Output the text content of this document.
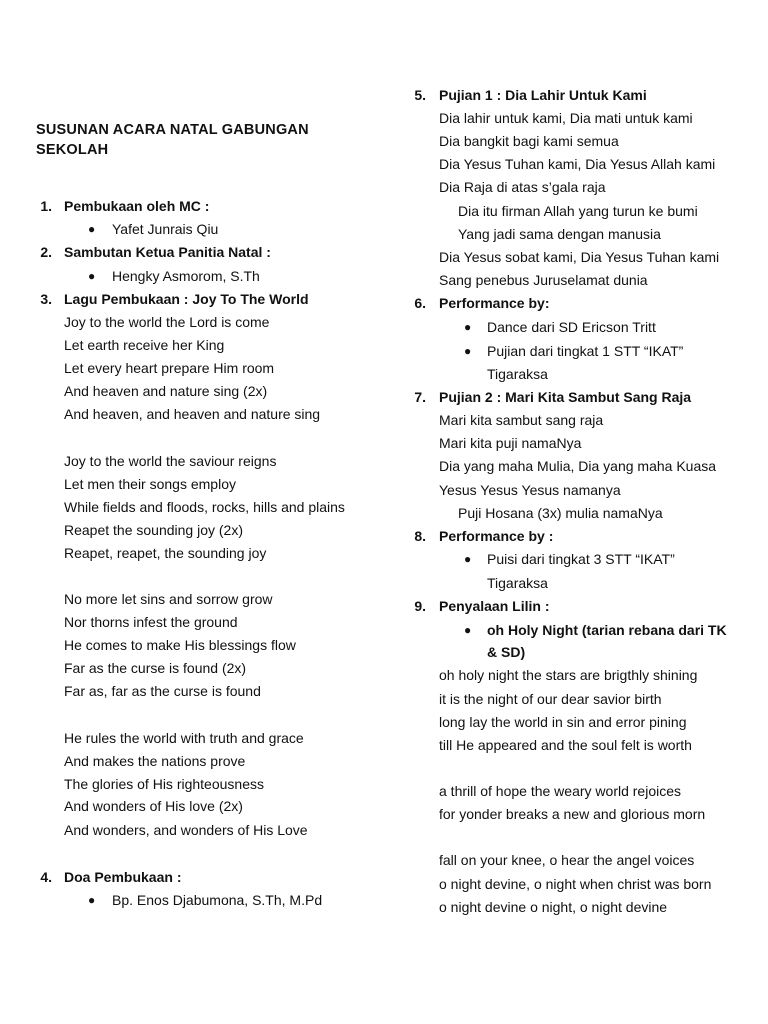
SUSUNAN ACARA NATAL GABUNGAN SEKOLAH
1. Pembukaan oleh MC :
● Yafet Junrais Qiu
2. Sambutan Ketua Panitia Natal :
● Hengky Asmorom, S.Th
3. Lagu Pembukaan : Joy To The World
Joy to the world the Lord is come
Let earth receive her King
Let every heart prepare Him room
And heaven and nature sing (2x)
And heaven, and heaven and nature sing
Joy to the world the saviour reigns
Let men their songs employ
While fields and floods, rocks, hills and plains
Reapet the sounding joy (2x)
Reapet, reapet, the sounding joy
No more let sins and sorrow grow
Nor thorns infest the ground
He comes to make His blessings flow
Far as the curse is found (2x)
Far as, far as the curse is found
He rules the world with truth and grace
And makes the nations prove
The glories of His righteousness
And wonders of His love (2x)
And wonders, and wonders of His Love
4. Doa Pembukaan :
● Bp. Enos Djabumona, S.Th, M.Pd
5. Pujian 1 : Dia Lahir Untuk Kami
Dia lahir untuk kami, Dia mati untuk kami
Dia bangkit bagi kami semua
Dia Yesus Tuhan kami, Dia Yesus Allah kami
Dia Raja di atas s’gala raja
Dia itu firman Allah yang turun ke bumi
Yang jadi sama dengan manusia
Dia Yesus sobat kami, Dia Yesus Tuhan kami
Sang penebus Juruselamat dunia
6. Performance by:
● Dance dari SD Ericson Tritt
● Pujian dari tingkat 1 STT “IKAT”
Tigaraksa
7. Pujian 2 : Mari Kita Sambut Sang Raja
Mari kita sambut sang raja
Mari kita puji namaNya
Dia yang maha Mulia, Dia yang maha Kuasa
Yesus Yesus Yesus namanya
Puji Hosana (3x) mulia namaNya
8. Performance by :
● Puisi dari tingkat 3 STT “IKAT”
Tigaraksa
9. Penyalaan Lilin :
● oh Holy Night (tarian rebana dari TK
& SD)
oh holy night the stars are brigthly shining
it is the night of our dear savior birth
long lay the world in sin and error pining
till He appeared and the soul felt is worth
a thrill of hope the weary world rejoices
for yonder breaks a new and glorious morn
fall on your knee, o hear the angel voices
o night devine, o night when christ was born
o night devine o night, o night devine
